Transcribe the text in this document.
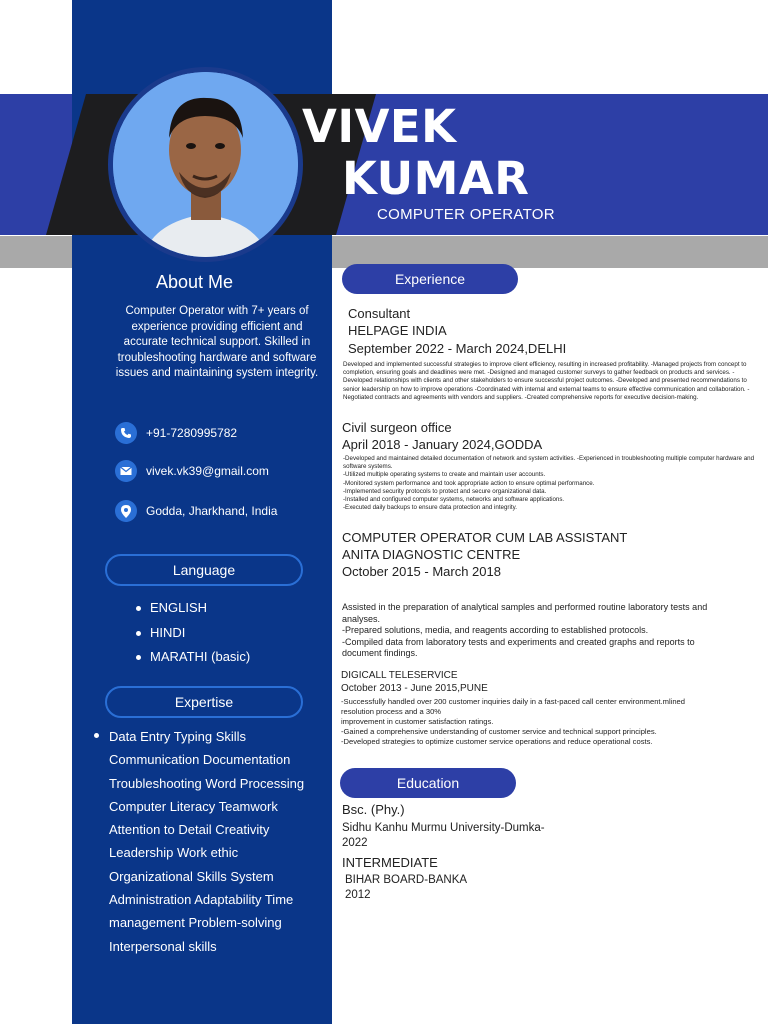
VIVEK
KUMAR
COMPUTER OPERATOR
About Me
Computer Operator with 7+ years of experience providing efficient and accurate technical support. Skilled in troubleshooting hardware and software issues and maintaining system integrity.
+91-7280995782
vivek.vk39@gmail.com
Godda, Jharkhand, India
Language
ENGLISH
HINDI
MARATHI (basic)
Expertise
Data Entry Typing Skills Communication Documentation Troubleshooting Word Processing Computer Literacy Teamwork Attention to Detail Creativity Leadership Work ethic Organizational Skills System Administration Adaptability Time management Problem-solving Interpersonal skills
Experience
Consultant
HELPAGE INDIA
September 2022 - March 2024,DELHI
Developed and implemented successful strategies to improve client efficiency, resulting in increased profitability. -Managed projects from concept to completion, ensuring goals and deadlines were met. -Designed and managed customer surveys to gather feedback on products and services. -Developed relationships with clients and other stakeholders to ensure successful project outcomes. -Developed and presented recommendations to senior leadership on how to improve operations -Coordinated with internal and external teams to ensure effective communication and collaboration. -Negotiated contracts and agreements with vendors and suppliers. -Created comprehensive reports for executive decision-making.
Civil surgeon office
April 2018 - January 2024,GODDA
-Developed and maintained detailed documentation of network and system activities. -Experienced in troubleshooting multiple computer hardware and software systems.
-Utilized multiple operating systems to create and maintain user accounts.
-Monitored system performance and took appropriate action to ensure optimal performance.
-Implemented security protocols to protect and secure organizational data.
-Installed and configured computer systems, networks and software applications.
-Executed daily backups to ensure data protection and integrity.
COMPUTER OPERATOR CUM LAB ASSISTANT
ANITA DIAGNOSTIC CENTRE
October 2015 - March 2018
Assisted in the preparation of analytical samples and performed routine laboratory tests and analyses.
-Prepared solutions, media, and reagents according to established protocols.
-Compiled data from laboratory tests and experiments and created graphs and reports to document findings.
DIGICALL TELESERVICE
October 2013 - June 2015,PUNE
-Successfully handled over 200 customer inquiries daily in a fast-paced call center environment.mlined resolution process and a 30%
improvement in customer satisfaction ratings.
-Gained a comprehensive understanding of customer service and technical support principles.
-Developed strategies to optimize customer service operations and reduce operational costs.
Education
Bsc. (Phy.)
Sidhu Kanhu Murmu University-Dumka-
2022
INTERMEDIATE
BIHAR BOARD-BANKA
2012
